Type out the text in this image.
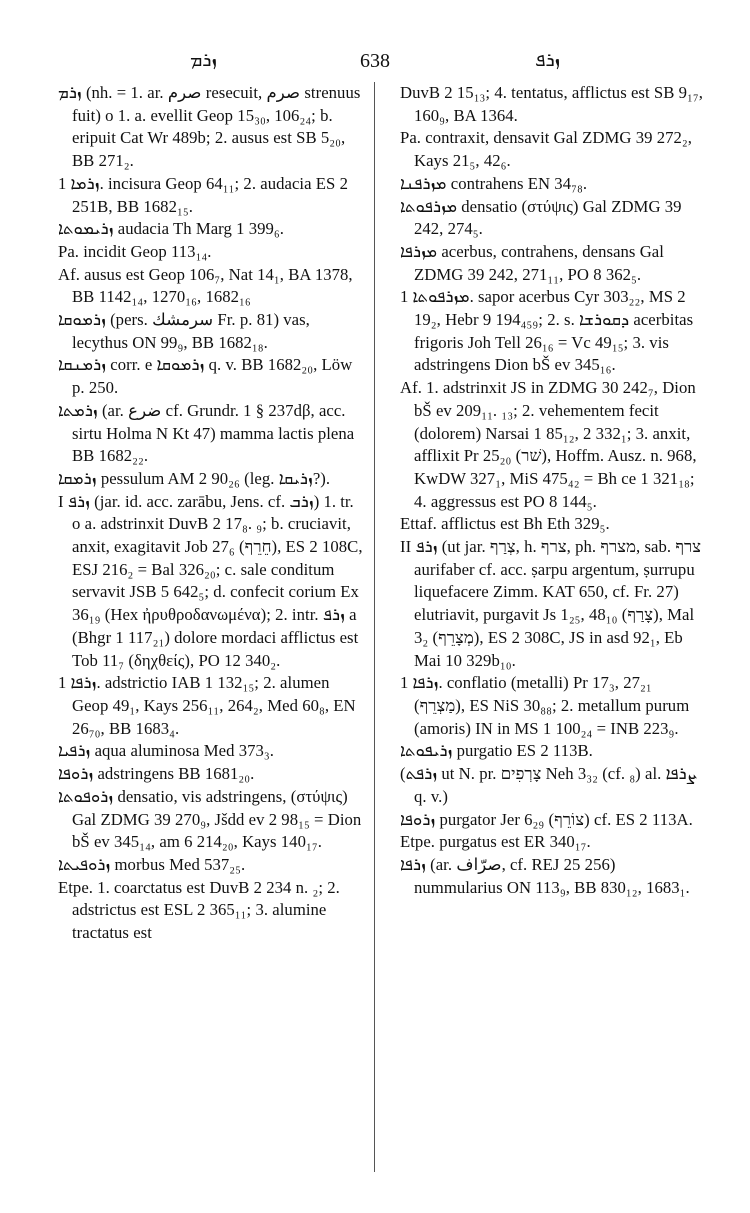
ܙܪܡ	638	ܙܪܦ

ܙܪܡ (nh. = 1. ar. صرم resecuit, صرم strenuus fuit) o 1. a. evellit Geop 15₃₀, 106₂₄; b. eripuit Cat Wr 489b; 2. ausus est SB 5₂₀, BB 271₂.

ܙܪܡܐ 1. incisura Geop 64₁₁; 2. audacia ES 2 251B, BB 1682₁₅.

ܙܪܝܡܘܬܐ audacia Th Marg 1 399₆.

Pa. incidit Geop 113₁₄.

Af. ausus est Geop 106₇, Nat 14₁, BA 1378, BB 1142₁₄, 1270₁₆, 1682₁₆

ܙܪܡܘܩܐ (pers. سرمشك Fr. p. 81) vas, lecythus ON 99₉, BB 1682₁₈.

ܙܪܡܢܩܐ corr. e ܙܪܡܘܩܐ q. v. BB 1682₂₀, Löw p. 250.

ܙܪܡܬܐ (ar. ضرع cf. Grundr. 1 § 237dβ, acc. sirtu Holma N Kt 47) mamma lactis plena BB 1682₂₂.

ܙܪܡܩܐ pessulum AM 2 90₂₆ (leg. ܙܪܝܩܐ?).

I ܙܪܦ (jar. id. acc. zarābu, Jens. cf. ܙܪܒ) 1. tr. o a. adstrinxit DuvB 2 17₈. ₉; b. cruciavit, anxit, exagitavit Job 27₆ (חֵרֵף), ES 2 108C, ESJ 216₂ = Bal 326₂₀; c. sale conditum servavit JSB 5 642₅; d. confecit corium Ex 36₁₉ (Hex ἠρυθροδανωμένα); 2. intr. ܙܪܦ a (Bhgr 1 117₂₁) dolore mordaci afflictus est Tob 11₇ (δηχθείς), PO 12 340₂.

ܙܪܦܐ 1. adstrictio IAB 1 132₁₅; 2. alumen Geop 49₁, Kays 256₁₁, 264₂, Med 60₈, EN 26₇₀, BB 1683₄.

ܙܪܦܝܐ aqua aluminosa Med 373₃.

ܙܪܘܦܐ adstringens BB 1681₂₀.

ܙܪܘܦܘܬܐ densatio, vis adstringens, (στύψις) Gal ZDMG 39 270₉, Jšdd ev 2 98₁₅ = Dion bŠ ev 345₁₄, am 6 214₂₀, Kays 140₁₇.

ܙܪܘܦܝܬܐ morbus Med 537₂₅.

Etpe. 1. coarctatus est DuvB 2 234 n. ₂; 2. adstrictus est ESL 2 365₁₁; 3. alumine tractatus est

DuvB 2 15₁₃; 4. tentatus, afflictus est SB 9₁₇, 160₉, BA 1364.

Pa. contraxit, densavit Gal ZDMG 39 272₂, Kays 21₅, 42₆.

ܡܙܪܦܢܐ contrahens EN 34₇₈.

ܡܙܪܦܘܬܐ densatio (στύψις) Gal ZDMG 39 242, 274₅.

ܡܙܪܦܐ acerbus, contrahens, densans Gal ZDMG 39 242, 271₁₁, PO 8 362₅.

ܡܙܪܦܘܬܐ 1. sapor acerbus Cyr 303₂₂, MS 2 19₂, Hebr 9 194₄₅₉; 2. s. ܕܩܘܪܫܐ acerbitas frigoris Joh Tell 26₁₆ = Vc 49₁₅; 3. vis adstringens Dion bŠ ev 345₁₆.

Af. 1. adstrinxit JS in ZDMG 30 242₇, Dion bŠ ev 209₁₁. ₁₃; 2. vehementem fecit (dolorem) Narsai 1 85₁₂, 2 332₁; 3. anxit, afflixit Pr 25₂₀ (שׁר), Hoffm. Ausz. n. 968, KwDW 327₁, MiS 475₄₂ = Bh ce 1 321₁₈; 4. aggressus est PO 8 144₅.

Ettaf. afflictus est Bh Eth 329₅.

II ܙܪܦ (ut jar. צְרַף, h. צרף, ph. מצרף, sab. צרף aurifaber cf. acc. ṣarpu argentum, ṣurrupu liquefacere Zimm. KAT 650, cf. Fr. 27) elutriavit, purgavit Js 1₂₅, 48₁₀ (צָרַף), Mal 3₂ (מְצָרֵף), ES 2 308C, JS in asd 92₁, Eb Mai 10 329b₁₀.

ܙܪܦܐ 1. conflatio (metalli) Pr 17₃, 27₂₁ (מַצְרֵף), ES NiS 30₈₈; 2. metallum purum (amoris) IN in MS 1 100₂₄ = INB 223₉.

ܙܪܝܦܘܬܐ purgatio ES 2 113B.

(ܙܪܦܬ ut N. pr. צָרְפִים Neh 3₃₂ (cf. ₈) al. ܨܪܦܐ q. v.)

ܙܪܘܦܐ purgator Jer 6₂₉ (צוֹרֵף) cf. ES 2 113A.

Etpe. purgatus est ER 340₁₇.

ܙܪܦܐ (ar. صرّاف, cf. REJ 25 256) nummularius ON 113₉, BB 830₁₂, 1683₁.
